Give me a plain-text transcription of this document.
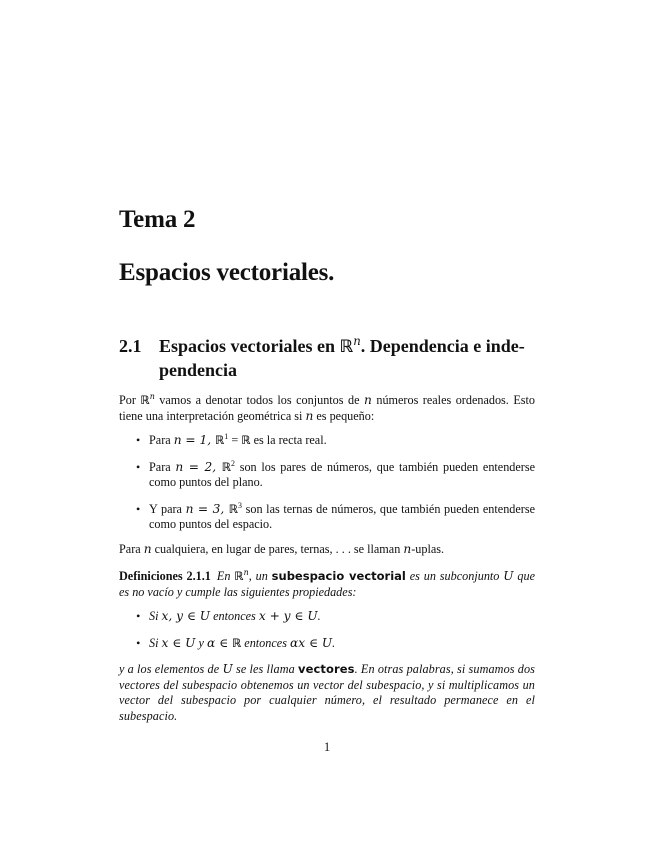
Tema 2
Espacios vectoriales.
2.1 Espacios vectoriales en ℝ$^n$. Dependencia e inde-
pendencia

Por ℝ$^n$ vamos a denotar todos los conjuntos de n números reales ordenados. Esto tiene una interpretación geométrica si n es pequeño:

• Para n = 1, ℝ$^1$ = ℝ es la recta real.
• Para n = 2, ℝ$^2$ son los pares de números, que también pueden entenderse como puntos del plano.
• Y para n = 3, ℝ$^3$ son las ternas de números, que también pueden entenderse como puntos del espacio.

Para n cualquiera, en lugar de pares, ternas, . . . se llaman n-uplas.

Definiciones 2.1.1 En ℝ$^n$, un subespacio vectorial es un subconjunto U que es no vacío y cumple las siguientes propiedades:

• Si x, y ∈ U entonces x + y ∈ U.
• Si x ∈ U y α ∈ ℝ entonces αx ∈ U.

y a los elementos de U se les llama vectores. En otras palabras, si sumamos dos vectores del subespacio obtenemos un vector del subespacio, y si multiplicamos un vector del subespacio por cualquier número, el resultado permanece en el subespacio.

1
